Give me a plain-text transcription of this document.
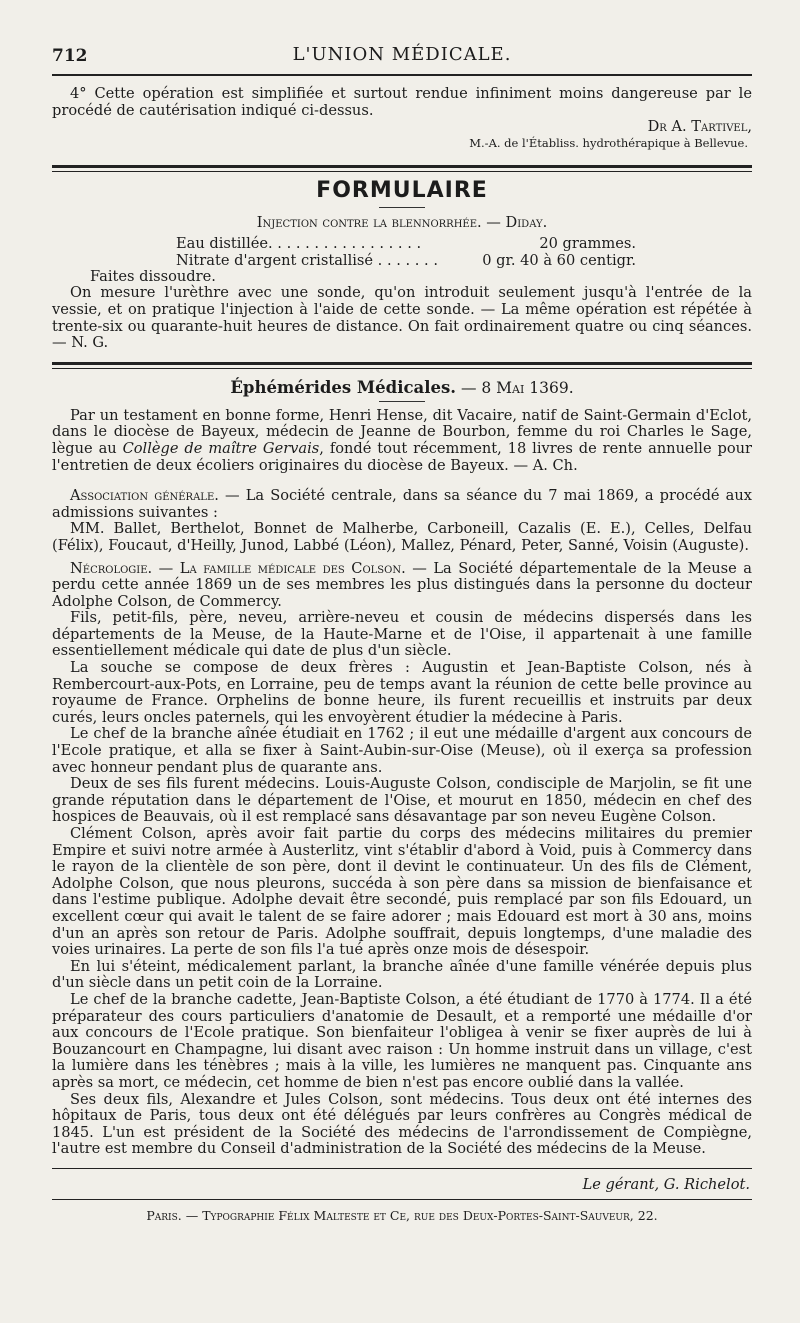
712	L'UNION MÉDICALE.

4° Cette opération est simplifiée et surtout rendue infiniment moins dangereuse par le procédé de cautérisation indiqué ci-dessus.

Dr A. Tartivel,
M.-A. de l'Établiss. hydrothérapique à Bellevue.
FORMULAIRE
Injection contre la blennorrhée. — Diday.
Eau distillée. . . . . . . . . . . . . . . . .	20 grammes.
Nitrate d'argent cristallisé . . . . . . .	0 gr. 40 à 60 centigr.

Faites dissoudre.

On mesure l'urèthre avec une sonde, qu'on introduit seulement jusqu'à l'entrée de la vessie, et on pratique l'injection à l'aide de cette sonde. — La même opération est répétée à trente-six ou quarante-huit heures de distance. On fait ordinairement quatre ou cinq séances.— N. G.

Éphémérides Médicales. — 8 Mai 1369.

Par un testament en bonne forme, Henri Hense, dit Vacaire, natif de Saint-Germain d'Eclot, dans le diocèse de Bayeux, médecin de Jeanne de Bourbon, femme du roi Charles le Sage, lègue au Collège de maître Gervais, fondé tout récemment, 18 livres de rente annuelle pour l'entretien de deux écoliers originaires du diocèse de Bayeux. — A. Ch.

Association générale. — La Société centrale, dans sa séance du 7 mai 1869, a procédé aux admissions suivantes :

MM. Ballet, Berthelot, Bonnet de Malherbe, Carboneill, Cazalis (E. E.), Celles, Delfau (Félix), Foucaut, d'Heilly, Junod, Labbé (Léon), Mallez, Pénard, Peter, Sanné, Voisin (Auguste).

Nécrologie. — La famille médicale des Colson. — La Société départementale de la Meuse a perdu cette année 1869 un de ses membres les plus distingués dans la personne du docteur Adolphe Colson, de Commercy.

Fils, petit-fils, père, neveu, arrière-neveu et cousin de médecins dispersés dans les départements de la Meuse, de la Haute-Marne et de l'Oise, il appartenait à une famille essentiellement médicale qui date de plus d'un siècle.

La souche se compose de deux frères : Augustin et Jean-Baptiste Colson, nés à Rembercourt-aux-Pots, en Lorraine, peu de temps avant la réunion de cette belle province au royaume de France. Orphelins de bonne heure, ils furent recueillis et instruits par deux curés, leurs oncles paternels, qui les envoyèrent étudier la médecine à Paris.

Le chef de la branche aînée étudiait en 1762 ; il eut une médaille d'argent aux concours de l'Ecole pratique, et alla se fixer à Saint-Aubin-sur-Oise (Meuse), où il exerça sa profession avec honneur pendant plus de quarante ans.

Deux de ses fils furent médecins. Louis-Auguste Colson, condisciple de Marjolin, se fit une grande réputation dans le département de l'Oise, et mourut en 1850, médecin en chef des hospices de Beauvais, où il est remplacé sans désavantage par son neveu Eugène Colson.

Clément Colson, après avoir fait partie du corps des médecins militaires du premier Empire et suivi notre armée à Austerlitz, vint s'établir d'abord à Void, puis à Commercy dans le rayon de la clientèle de son père, dont il devint le continuateur. Un des fils de Clément, Adolphe Colson, que nous pleurons, succéda à son père dans sa mission de bienfaisance et dans l'estime publique. Adolphe devait être secondé, puis remplacé par son fils Edouard, un excellent cœur qui avait le talent de se faire adorer ; mais Edouard est mort à 30 ans, moins d'un an après son retour de Paris. Adolphe souffrait, depuis longtemps, d'une maladie des voies urinaires. La perte de son fils l'a tué après onze mois de désespoir.

En lui s'éteint, médicalement parlant, la branche aînée d'une famille vénérée depuis plus d'un siècle dans un petit coin de la Lorraine.

Le chef de la branche cadette, Jean-Baptiste Colson, a été étudiant de 1770 à 1774. Il a été préparateur des cours particuliers d'anatomie de Desault, et a remporté une médaille d'or aux concours de l'Ecole pratique. Son bienfaiteur l'obligea à venir se fixer auprès de lui à Bouzancourt en Champagne, lui disant avec raison : Un homme instruit dans un village, c'est la lumière dans les ténèbres ; mais à la ville, les lumières ne manquent pas. Cinquante ans après sa mort, ce médecin, cet homme de bien n'est pas encore oublié dans la vallée.

Ses deux fils, Alexandre et Jules Colson, sont médecins. Tous deux ont été internes des hôpitaux de Paris, tous deux ont été délégués par leurs confrères au Congrès médical de 1845. L'un est président de la Société des médecins de l'arrondissement de Compiègne, l'autre est membre du Conseil d'administration de la Société des médecins de la Meuse.

Le gérant, G. Richelot.
Paris. — Typographie Félix Malteste et Ce, rue des Deux-Portes-Saint-Sauveur, 22.
